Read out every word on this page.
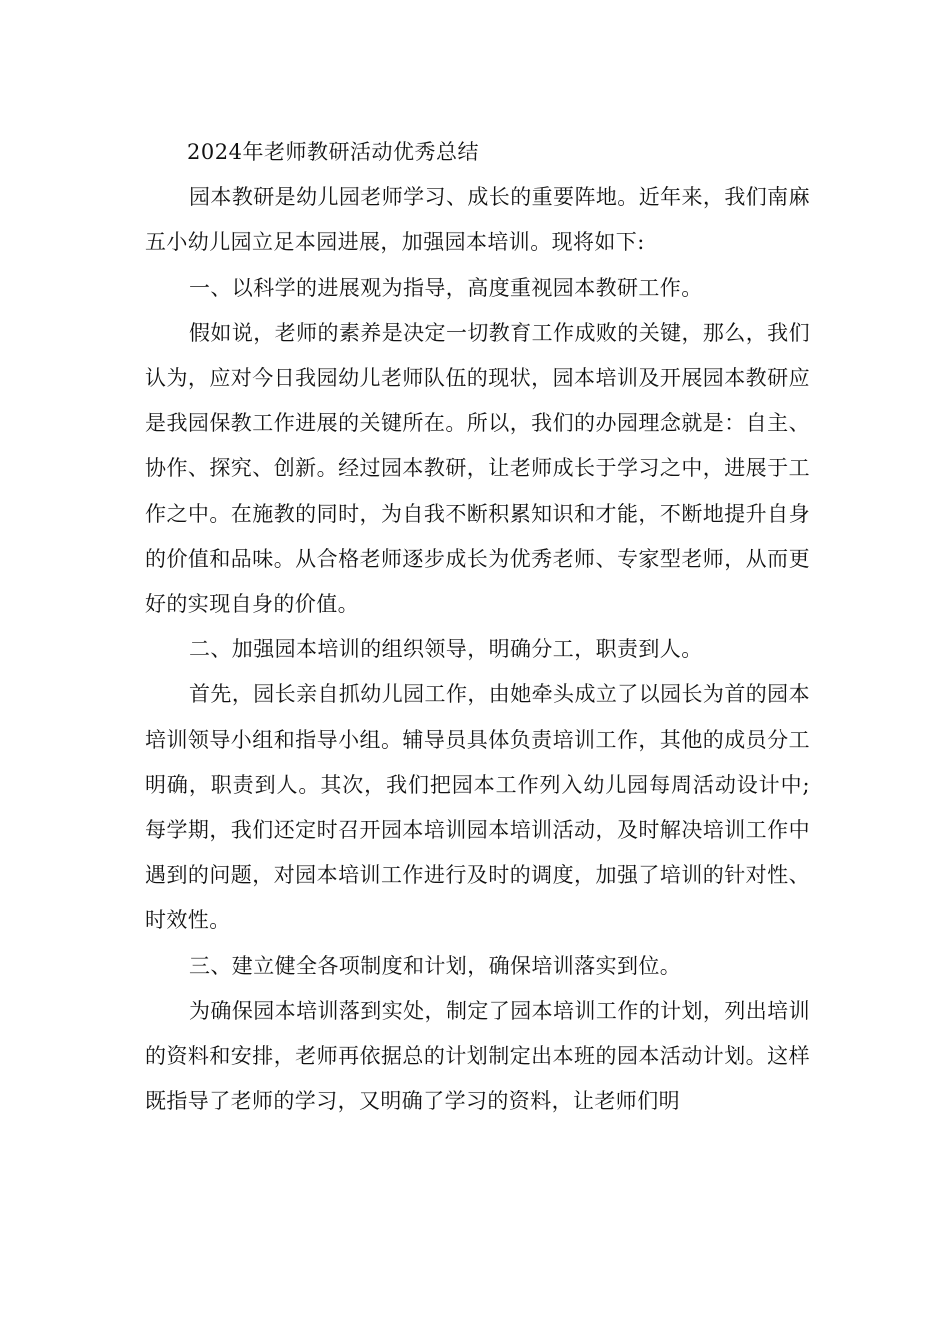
2024年老师教研活动优秀总结

园本教研是幼儿园老师学习、成长的重要阵地。近年来，我们南麻五小幼儿园立足本园进展，加强园本培训。现将如下:

一、以科学的进展观为指导，高度重视园本教研工作。

假如说，老师的素养是决定一切教育工作成败的关键，那么，我们认为，应对今日我园幼儿老师队伍的现状，园本培训及开展园本教研应是我园保教工作进展的关键所在。所以，我们的办园理念就是：自主、协作、探究、创新。经过园本教研，让老师成长于学习之中，进展于工作之中。在施教的同时，为自我不断积累知识和才能，不断地提升自身的价值和品味。从合格老师逐步成长为优秀老师、专家型老师，从而更好的实现自身的价值。

二、加强园本培训的组织领导，明确分工，职责到人。

首先，园长亲自抓幼儿园工作，由她牵头成立了以园长为首的园本培训领导小组和指导小组。辅导员具体负责培训工作，其他的成员分工明确，职责到人。其次，我们把园本工作列入幼儿园每周活动设计中;每学期，我们还定时召开园本培训园本培训活动，及时解决培训工作中遇到的问题，对园本培训工作进行及时的调度，加强了培训的针对性、时效性。

三、建立健全各项制度和计划，确保培训落实到位。

为确保园本培训落到实处，制定了园本培训工作的计划，列出培训的资料和安排，老师再依据总的计划制定出本班的园本活动计划。这样既指导了老师的学习，又明确了学习的资料，让老师们明
